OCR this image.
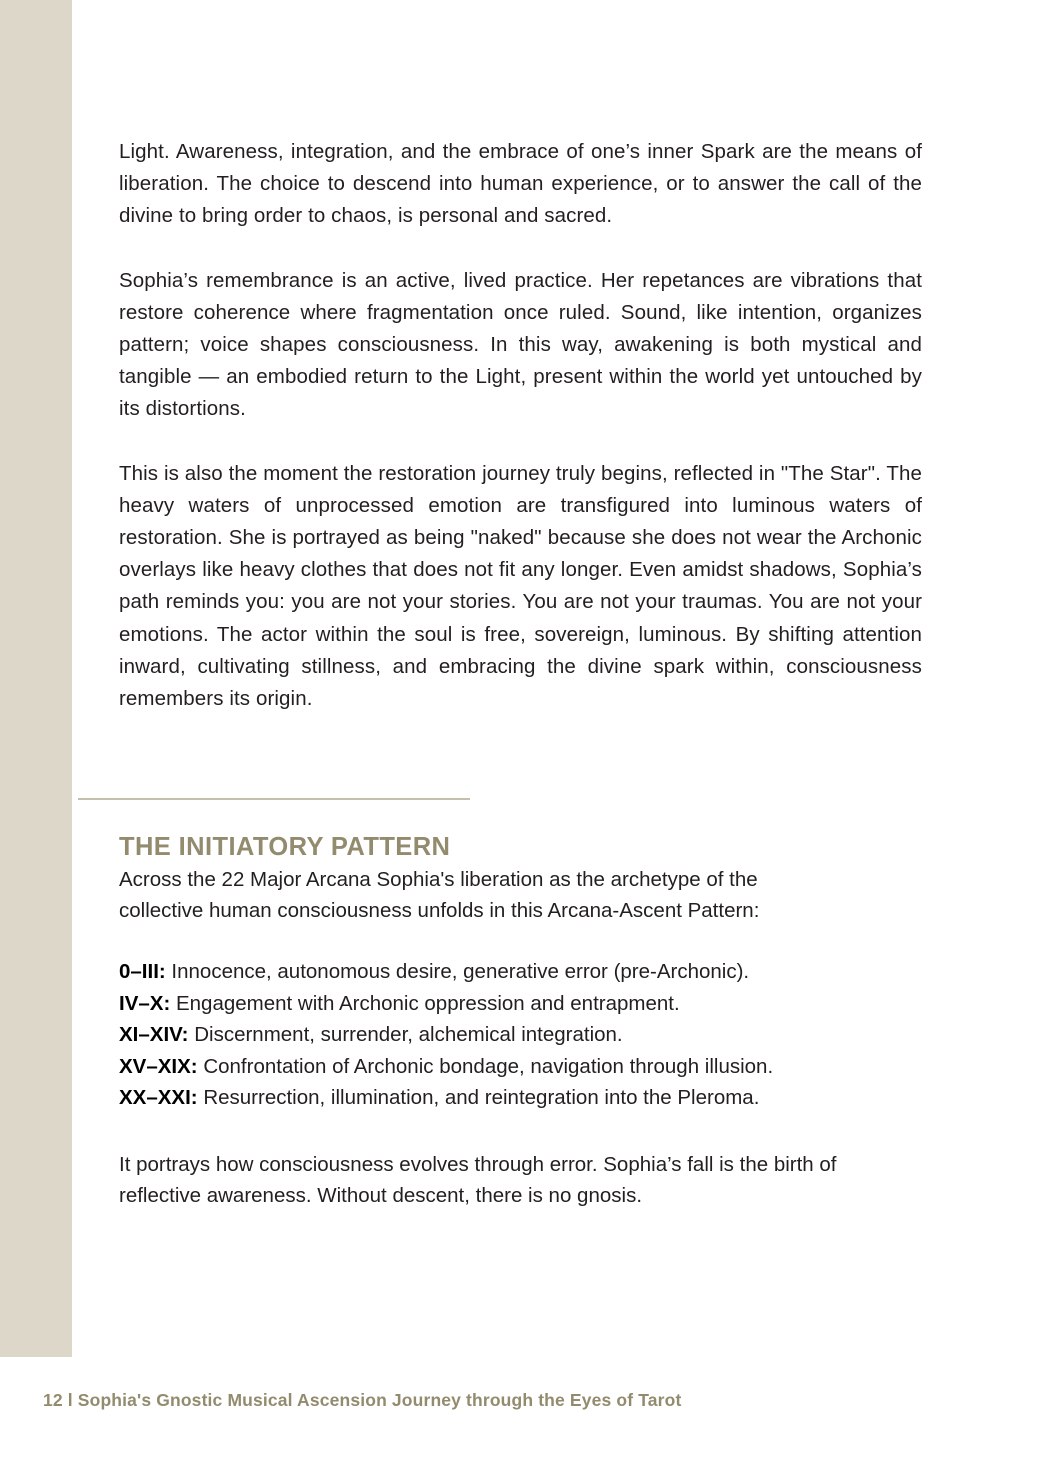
Light. Awareness, integration, and the embrace of one’s inner Spark are the means of liberation. The choice to descend into human experience, or to answer the call of the divine to bring order to chaos, is personal and sacred.

Sophia’s remembrance is an active, lived practice. Her repetances are vibrations that restore coherence where fragmentation once ruled. Sound, like intention, organizes pattern; voice shapes consciousness. In this way, awakening is both mystical and tangible — an embodied return to the Light, present within the world yet untouched by its distortions.

This is also the moment the restoration journey truly begins, reflected in "The Star". The heavy waters of unprocessed emotion are transfigured into luminous waters of restoration. She is portrayed as being "naked" because she does not wear the Archonic overlays like heavy clothes that does not fit any longer. Even amidst shadows, Sophia’s path reminds you: you are not your stories. You are not your traumas. You are not your emotions. The actor within the soul is free, sovereign, luminous. By shifting attention inward, cultivating stillness, and embracing the divine spark within, consciousness remembers its origin.

THE INITIATORY PATTERN

Across the 22 Major Arcana Sophia's liberation as the archetype of the collective human consciousness unfolds in this Arcana-Ascent Pattern:

0–III: Innocence, autonomous desire, generative error (pre-Archonic).
IV–X: Engagement with Archonic oppression and entrapment.
XI–XIV: Discernment, surrender, alchemical integration.
XV–XIX: Confrontation of Archonic bondage, navigation through illusion.
XX–XXI: Resurrection, illumination, and reintegration into the Pleroma.

It portrays how consciousness evolves through error. Sophia’s fall is the birth of reflective awareness. Without descent, there is no gnosis.

12 l Sophia's Gnostic Musical Ascension Journey through the Eyes of Tarot
